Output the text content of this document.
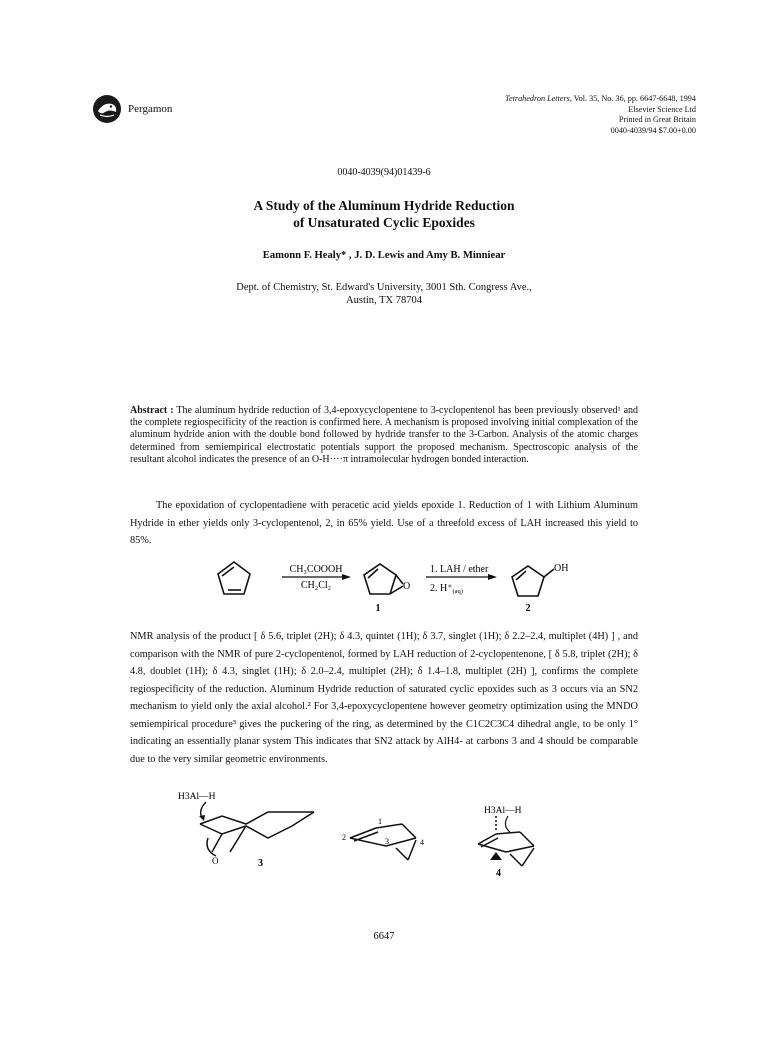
Pergamon
Tetrahedron Letters, Vol. 35, No. 36, pp. 6647-6648, 1994
Elsevier Science Ltd
Printed in Great Britain
0040-4039/94 $7.00+0.00
0040-4039(94)01439-6
A Study of the Aluminum Hydride Reduction
of Unsaturated Cyclic Epoxides
Eamonn F. Healy* , J. D. Lewis and Amy B. Minniear
Dept. of Chemistry, St. Edward's University, 3001 Sth. Congress Ave.,
Austin, TX 78704
Abstract : The aluminum hydride reduction of 3,4-epoxycyclopentene to 3-cyclopentenol has been previously observed¹ and the complete regiospecificity of the reaction is confirmed here. A mechanism is proposed involving initial complexation of the aluminum hydride anion with the double bond followed by hydride transfer to the 3-Carbon. Analysis of the atomic charges determined from semiempirical electrostatic potentials support the proposed mechanism. Spectroscopic analysis of the resultant alcohol indicates the presence of an O-H····π intramolecular hydrogen bonded interaction.
The epoxidation of cyclopentadiene with peracetic acid yields epoxide 1. Reduction of 1 with Lithium Aluminum Hydride in ether yields only 3-cyclopentenol, 2, in 65% yield. Use of a threefold excess of LAH increased this yield to 85%.
CH₃COOOH
CH₂Cl₂	O
1
1. LAH / ether
2. $H^+_{(aq)}$
OH
2
NMR analysis of the product [ δ 5.6, triplet (2H); δ 4.3, quintet (1H); δ 3.7, singlet (1H); δ 2.2–2.4, multiplet (4H) ] , and comparison with the NMR of pure 2-cyclopentenol, formed by LAH reduction of 2-cyclopentenone, [ δ 5.8, triplet (2H); δ 4.8, doublet (1H); δ 4.3, singlet (1H); δ 2.0–2.4, multiplet (2H); δ 1.4–1.8, multiplet (2H) ], confirms the complete regiospecificity of the reduction. Aluminum Hydride reduction of saturated cyclic epoxides such as 3 occurs via an SN2 mechanism to yield only the axial alcohol.² For 3,4-epoxycyclopentene however geometry optimization using the MNDO semiempirical procedure³ gives the puckering of the ring, as determined by the C1C2C3C4 dihedral angle, to be only 1° indicating an essentially planar system This indicates that SN2 attack by AlH4- at carbons 3 and 4 should be comparable due to the very similar geometric environments.
H3Al—H
O	3
1
2	3	4
H3Al—H
4
6647
